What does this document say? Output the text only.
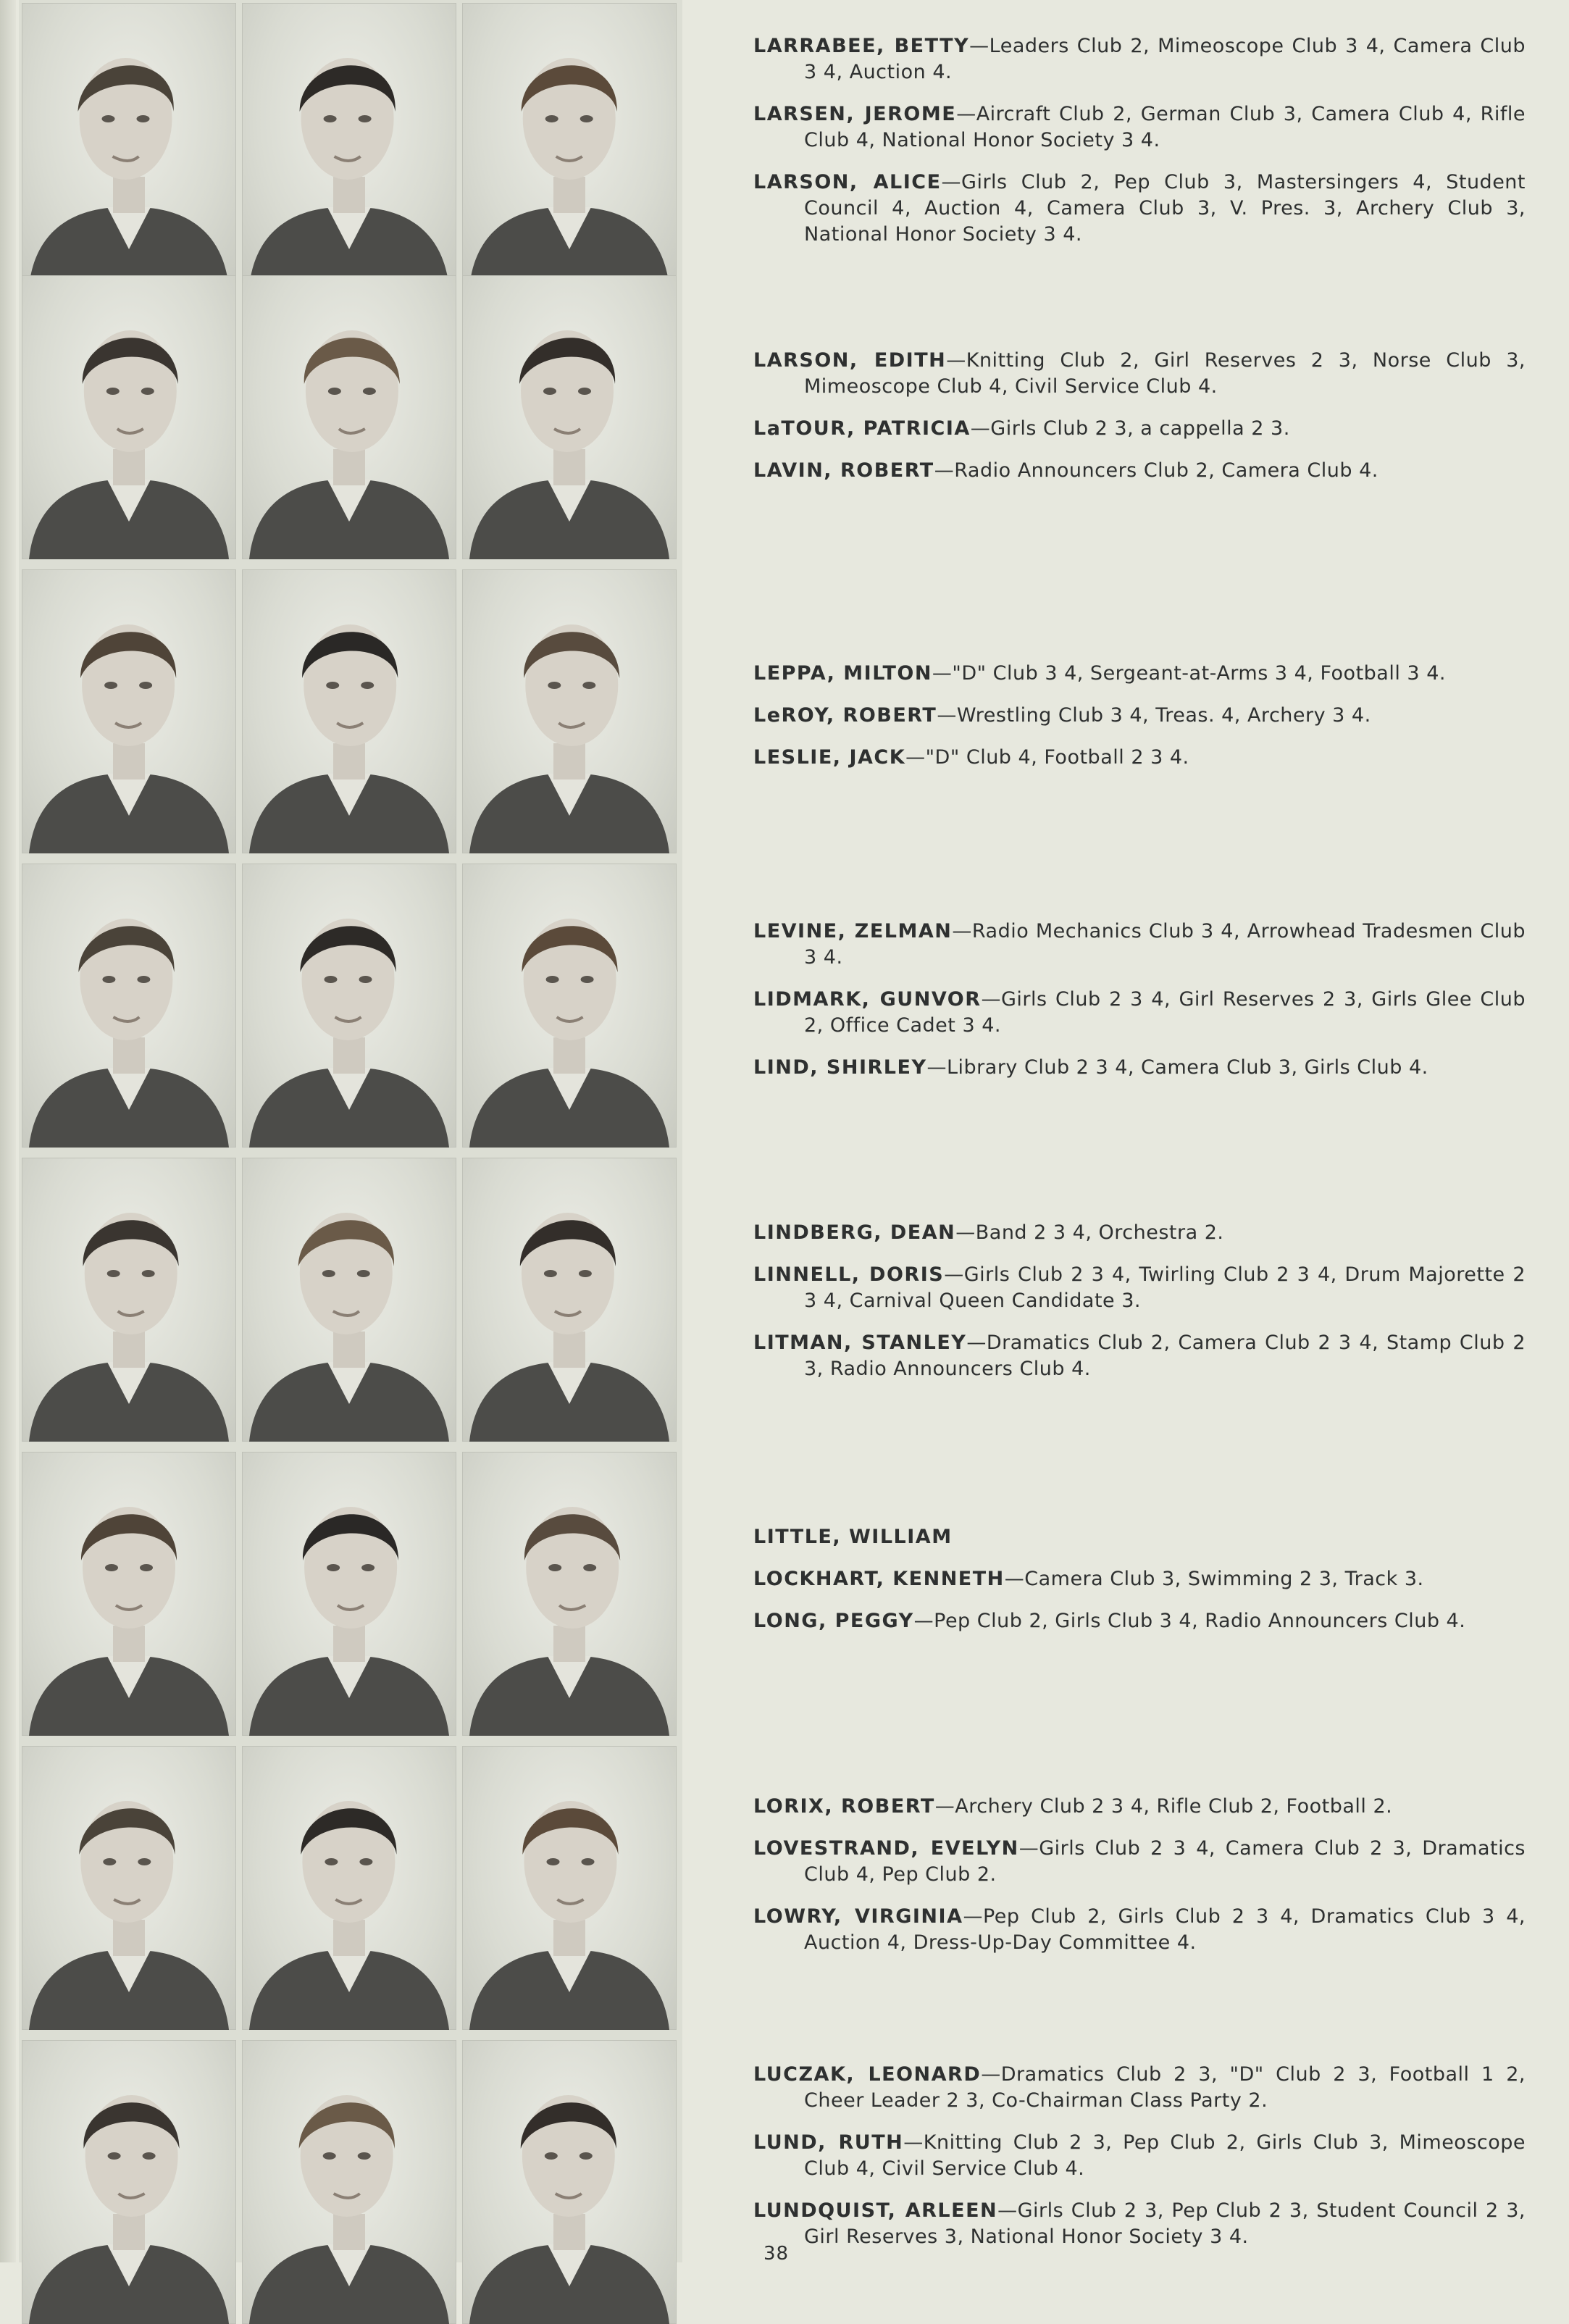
LARRABEE, BETTY—Leaders Club 2, Mimeoscope Club 3 4, Camera Club 3 4, Auction 4.

LARSEN, JEROME—Aircraft Club 2, German Club 3, Camera Club 4, Rifle Club 4, National Honor Society 3 4.

LARSON, ALICE—Girls Club 2, Pep Club 3, Mastersingers 4, Student Council 4, Auction 4, Camera Club 3, V. Pres. 3, Archery Club 3, National Honor Society 3 4.

LARSON, EDITH—Knitting Club 2, Girl Reserves 2 3, Norse Club 3, Mimeoscope Club 4, Civil Service Club 4.

LaTOUR, PATRICIA—Girls Club 2 3, a cappella 2 3.

LAVIN, ROBERT—Radio Announcers Club 2, Camera Club 4.

LEPPA, MILTON—"D" Club 3 4, Sergeant-at-Arms 3 4, Football 3 4.

LeROY, ROBERT—Wrestling Club 3 4, Treas. 4, Archery 3 4.

LESLIE, JACK—"D" Club 4, Football 2 3 4.

LEVINE, ZELMAN—Radio Mechanics Club 3 4, Arrowhead Tradesmen Club 3 4.

LIDMARK, GUNVOR—Girls Club 2 3 4, Girl Reserves 2 3, Girls Glee Club 2, Office Cadet 3 4.

LIND, SHIRLEY—Library Club 2 3 4, Camera Club 3, Girls Club 4.

LINDBERG, DEAN—Band 2 3 4, Orchestra 2.

LINNELL, DORIS—Girls Club 2 3 4, Twirling Club 2 3 4, Drum Majorette 2 3 4, Carnival Queen Candidate 3.

LITMAN, STANLEY—Dramatics Club 2, Camera Club 2 3 4, Stamp Club 2 3, Radio Announcers Club 4.

LITTLE, WILLIAM

LOCKHART, KENNETH—Camera Club 3, Swimming 2 3, Track 3.

LONG, PEGGY—Pep Club 2, Girls Club 3 4, Radio Announcers Club 4.

LORIX, ROBERT—Archery Club 2 3 4, Rifle Club 2, Football 2.

LOVESTRAND, EVELYN—Girls Club 2 3 4, Camera Club 2 3, Dramatics Club 4, Pep Club 2.

LOWRY, VIRGINIA—Pep Club 2, Girls Club 2 3 4, Dramatics Club 3 4, Auction 4, Dress-Up-Day Committee 4.

LUCZAK, LEONARD—Dramatics Club 2 3, "D" Club 2 3, Football 1 2, Cheer Leader 2 3, Co-Chairman Class Party 2.

LUND, RUTH—Knitting Club 2 3, Pep Club 2, Girls Club 3, Mimeoscope Club 4, Civil Service Club 4.

LUNDQUIST, ARLEEN—Girls Club 2 3, Pep Club 2 3, Student Council 2 3, Girl Reserves 3, National Honor Society 3 4.

38
